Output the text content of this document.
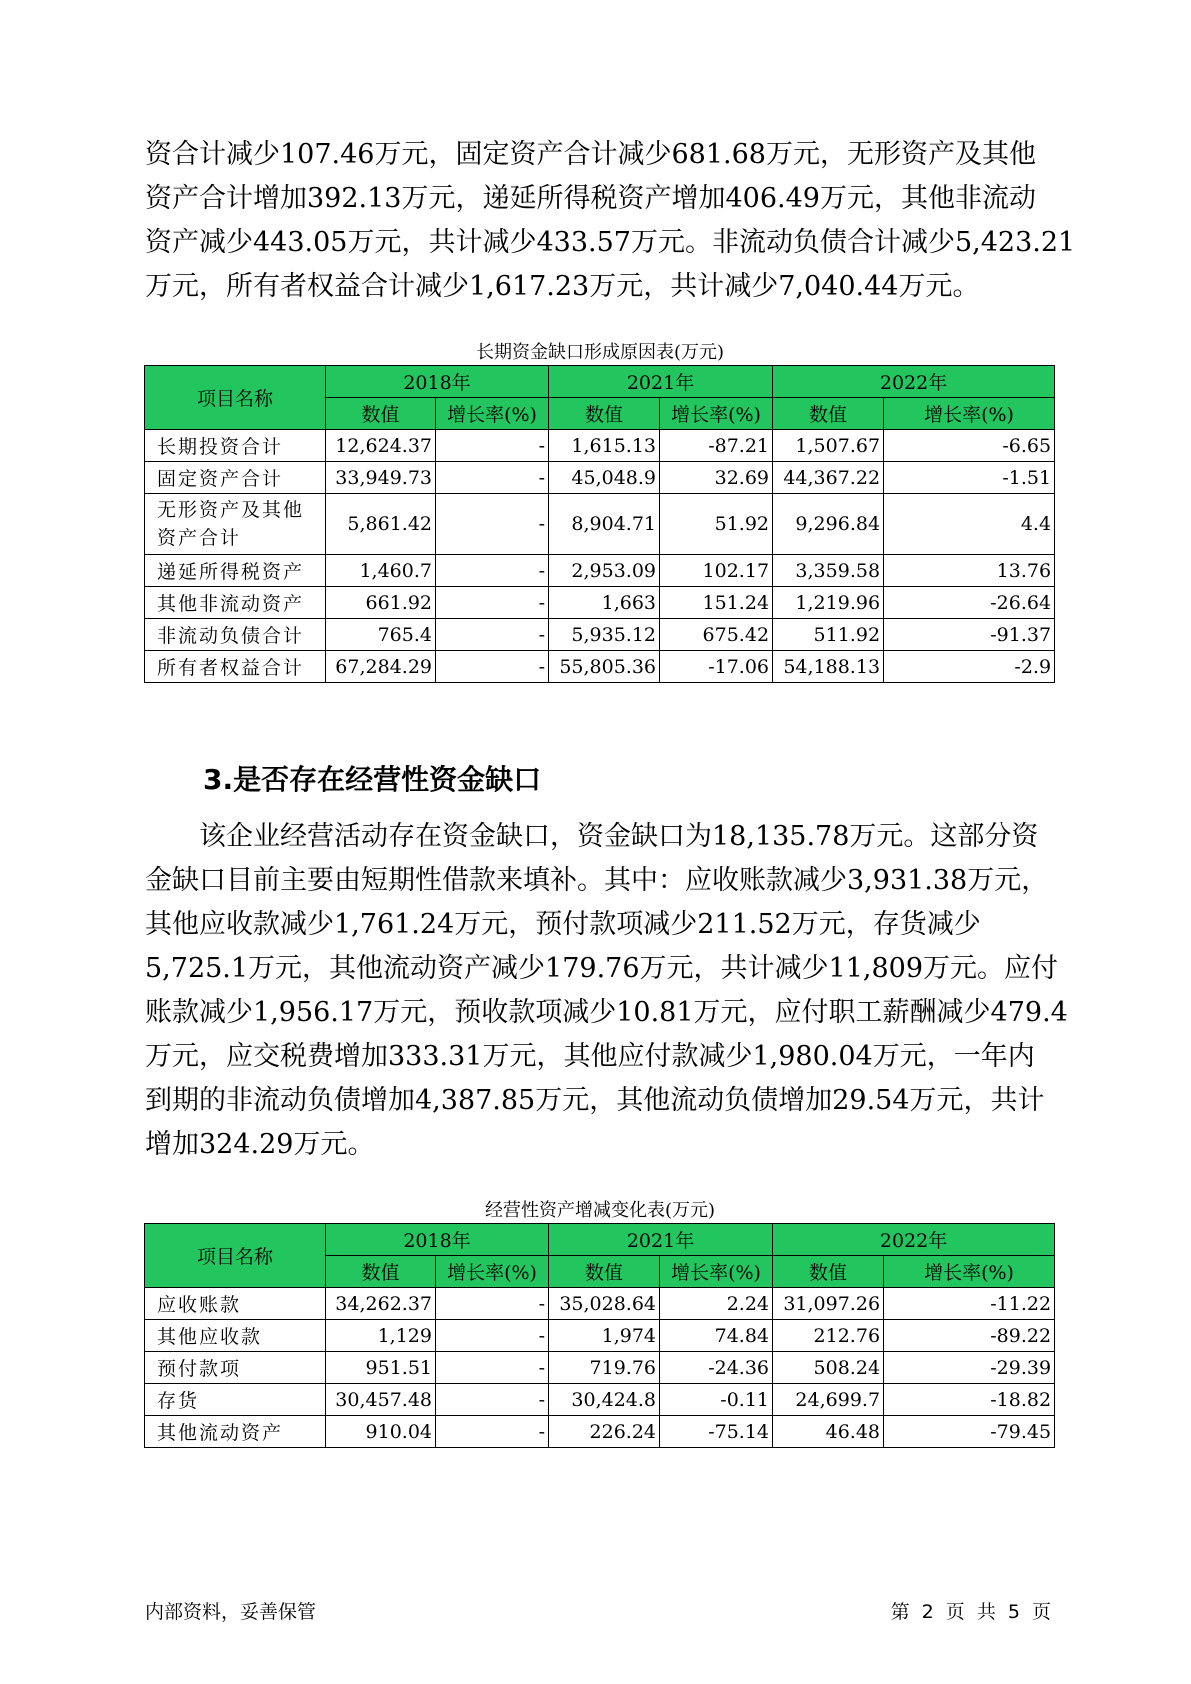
资合计减少107.46万元，固定资产合计减少681.68万元，无形资产及其他
资产合计增加392.13万元，递延所得税资产增加406.49万元，其他非流动
资产减少443.05万元，共计减少433.57万元。非流动负债合计减少5,423.21
万元，所有者权益合计减少1,617.23万元，共计减少7,040.44万元。

长期资金缺口形成原因表(万元)
项目名称	2018年		2021年		2022年	
	数值	增长率(%)	数值	增长率(%)	数值	增长率(%)
长期投资合计	12,624.37	-	1,615.13	-87.21	1,507.67	-6.65
固定资产合计	33,949.73	-	45,048.9	32.69	44,367.22	-1.51
无形资产及其他资产合计	5,861.42	-	8,904.71	51.92	9,296.84	4.4
递延所得税资产	1,460.7	-	2,953.09	102.17	3,359.58	13.76
其他非流动资产	661.92	-	1,663	151.24	1,219.96	-26.64
非流动负债合计	765.4	-	5,935.12	675.42	511.92	-91.37
所有者权益合计	67,284.29	-	55,805.36	-17.06	54,188.13	-2.9
3.是否存在经营性资金缺口

该企业经营活动存在资金缺口，资金缺口为18,135.78万元。这部分资
金缺口目前主要由短期性借款来填补。其中：应收账款减少3,931.38万元，
其他应收款减少1,761.24万元，预付款项减少211.52万元，存货减少
5,725.1万元，其他流动资产减少179.76万元，共计减少11,809万元。应付
账款减少1,956.17万元，预收款项减少10.81万元，应付职工薪酬减少479.4
万元，应交税费增加333.31万元，其他应付款减少1,980.04万元，一年内
到期的非流动负债增加4,387.85万元，其他流动负债增加29.54万元，共计
增加324.29万元。

经营性资产增减变化表(万元)
项目名称	2018年		2021年		2022年	
	数值	增长率(%)	数值	增长率(%)	数值	增长率(%)
应收账款	34,262.37	-	35,028.64	2.24	31,097.26	-11.22
其他应收款	1,129	-	1,974	74.84	212.76	-89.22
预付款项	951.51	-	719.76	-24.36	508.24	-29.39
存货	30,457.48	-	30,424.8	-0.11	24,699.7	-18.82
其他流动资产	910.04	-	226.24	-75.14	46.48	-79.45
内部资料，妥善保管	第 2 页 共 5 页
